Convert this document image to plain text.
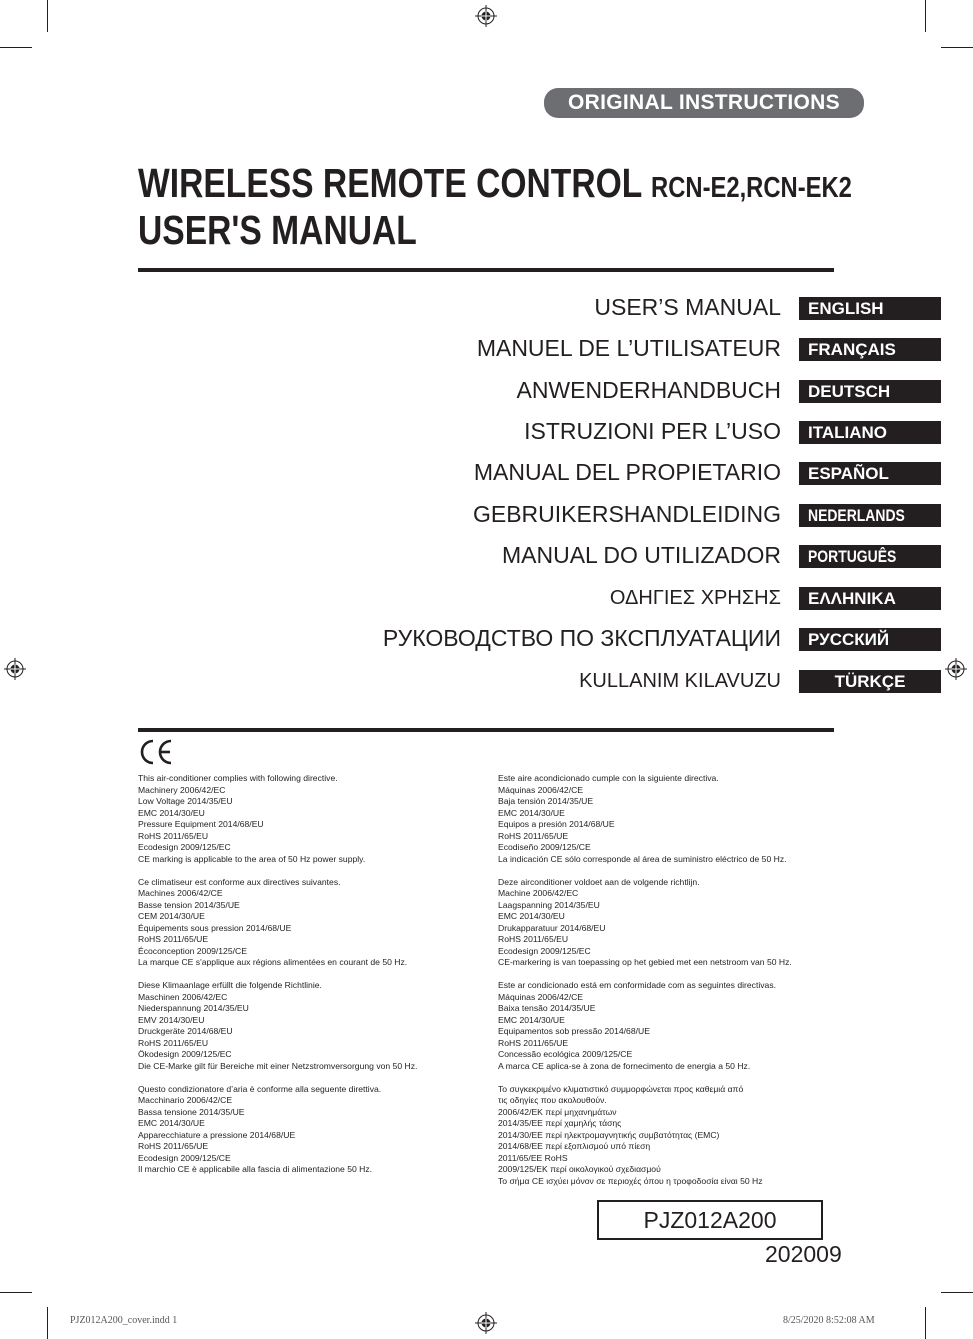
ORIGINAL INSTRUCTIONS
WIRELESS REMOTE CONTROL RCN-E2,RCN-EK2
USER'S MANUAL
USER’S MANUAL	ENGLISH
MANUEL DE L’UTILISATEUR	FRANÇAIS
ANWENDERHANDBUCH	DEUTSCH
ISTRUZIONI PER L’USO	ITALIANO
MANUAL DEL PROPIETARIO	ESPAÑOL
GEBRUIKERSHANDLEIDING	NEDERLANDS
MANUAL DO UTILIZADOR	PORTUGUÊS
ΟΔΗΓΙΕΣ ΧΡΗΣΗΣ	ΕΛΛΗΝΙΚΑ
РУКОВОДСТВО ПО ЗКСПЛУАТАЦИИ	РУССКИЙ
KULLANIM KILAVUZU	TÜRKÇE
This air-conditioner complies with following directive.
Machinery 2006/42/EC
Low Voltage 2014/35/EU
EMC 2014/30/EU
Pressure Equipment 2014/68/EU
RoHS 2011/65/EU
Ecodesign 2009/125/EC
CE marking is applicable to the area of 50 Hz power supply.
Ce climatiseur est conforme aux directives suivantes.
Machines 2006/42/CE
Basse tension 2014/35/UE
CEM 2014/30/UE
Équipements sous pression 2014/68/UE
RoHS 2011/65/UE
Écoconception 2009/125/CE
La marque CE s'applique aux régions alimentées en courant de 50 Hz.
Diese Klimaanlage erfüllt die folgende Richtlinie.
Maschinen 2006/42/EC
Niederspannung 2014/35/EU
EMV 2014/30/EU
Druckgeräte 2014/68/EU
RoHS 2011/65/EU
Ökodesign 2009/125/EC
Die CE-Marke gilt für Bereiche mit einer Netzstromversorgung von 50 Hz.
Questo condizionatore d’aria è conforme alla seguente direttiva.
Macchinario 2006/42/CE
Bassa tensione 2014/35/UE
EMC 2014/30/UE
Apparecchiature a pressione 2014/68/UE
RoHS 2011/65/UE
Ecodesign 2009/125/CE
Il marchio CE è applicabile alla fascia di alimentazione 50 Hz.
Este aire acondicionado cumple con la siguiente directiva.
Máquinas 2006/42/CE
Baja tensión 2014/35/UE
EMC 2014/30/UE
Equipos a presión 2014/68/UE
RoHS 2011/65/UE
Ecodiseño 2009/125/CE
La indicación CE sólo corresponde al área de suministro eléctrico de 50 Hz.
Deze airconditioner voldoet aan de volgende richtlijn.
Machine 2006/42/EC
Laagspanning 2014/35/EU
EMC 2014/30/EU
Drukapparatuur 2014/68/EU
RoHS 2011/65/EU
Ecodesign 2009/125/EC
CE-markering is van toepassing op het gebied met een netstroom van 50 Hz.
Este ar condicionado está em conformidade com as seguintes directivas.
Máquinas 2006/42/CE
Baixa tensão 2014/35/UE
EMC 2014/30/UE
Equipamentos sob pressão 2014/68/UE
RoHS 2011/65/UE
Concessão ecológica 2009/125/CE
A marca CE aplica-se à zona de fornecimento de energia a 50 Hz.
Το συγκεκριμένο κλιματιστικό συμμορφώνεται προς καθεμιά από
τις οδηγίες που ακολουθούν.
2006/42/ΕΚ περί μηχανημάτων
2014/35/ΕΕ περί χαμηλής τάσης
2014/30/ΕΕ περί ηλεκτρομαγνητικής συμβατότητας (EMC)
2014/68/ΕΕ περί εξοπλισμού υπό πίεση
2011/65/ΕΕ RoHS
2009/125/ΕΚ περί οικολογικού σχεδιασμού
Το σήμα CE ισχύει μόνον σε περιοχές όπου η τροφοδοσία είναι 50 Hz
PJZ012A200
202009
PJZ012A200_cover.indd 1	8/25/2020 8:52:08 AM
